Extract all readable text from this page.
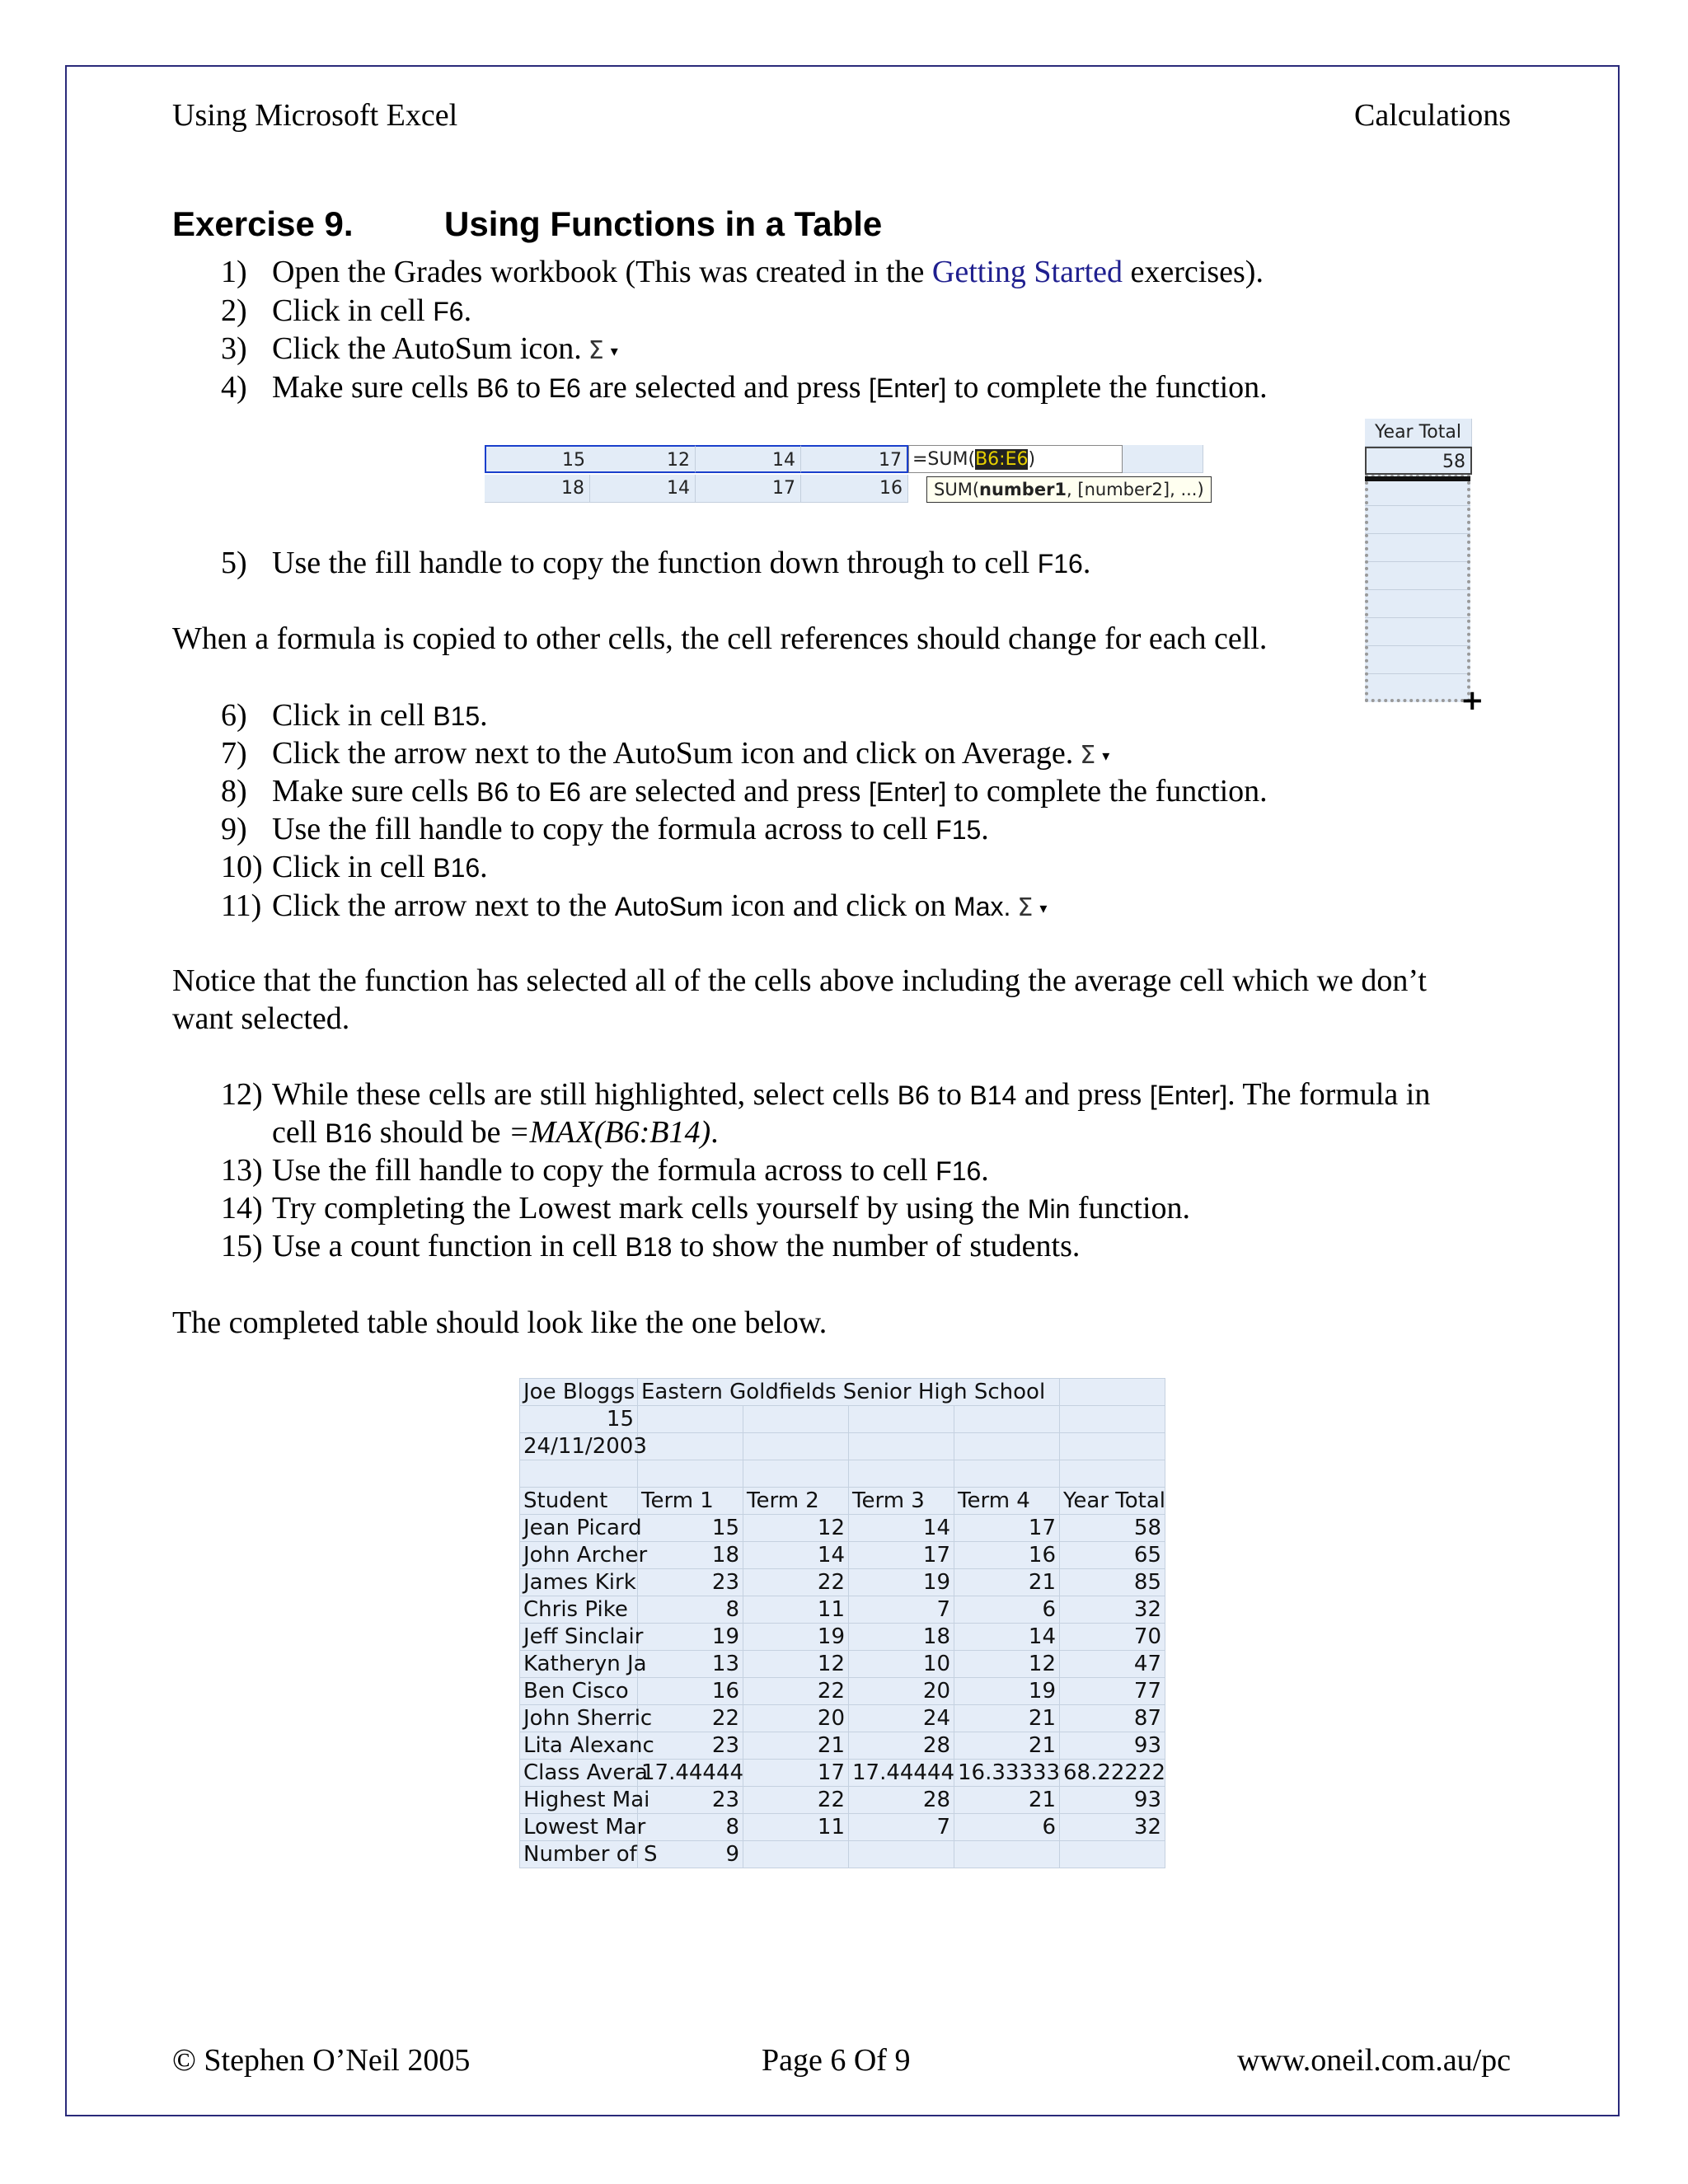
Using Microsoft Excel	Calculations
Exercise 9.	Using Functions in a Table
1) Open the Grades workbook (This was created in the Getting Started exercises).
2) Click in cell F6.
3) Click the AutoSum icon. Σ ▾
4) Make sure cells B6 to E6 are selected and press [Enter] to complete the function.
15	12	14	17 =SUM(B6:E6)
18	14	17	16	SUM(number1, [number2], ...)
Year Total
58
+
5) Use the fill handle to copy the function down through to cell F16.
When a formula is copied to other cells, the cell references should change for each cell.
6) Click in cell B15.
7) Click the arrow next to the AutoSum icon and click on Average. Σ ▾
8) Make sure cells B6 to E6 are selected and press [Enter] to complete the function.
9) Use the fill handle to copy the formula across to cell F15.
10) Click in cell B16.
11) Click the arrow next to the AutoSum icon and click on Max. Σ ▾
Notice that the function has selected all of the cells above including the average cell which we don’t
want selected.
12) While these cells are still highlighted, select cells B6 to B14 and press [Enter]. The formula in
cell B16 should be =MAX(B6:B14).
13) Use the fill handle to copy the formula across to cell F16.
14) Try completing the Lowest mark cells yourself by using the Min function.
15) Use a count function in cell B18 to show the number of students.
The completed table should look like the one below.
Joe Bloggs	Eastern Goldfields Senior High School				
15					
24/11/2003					

Student	Term 1	Term 2	Term 3	Term 4	Year Total
Jean Picard	15	12	14	17	58
John Archer	18	14	17	16	65
James Kirk	23	22	19	21	85
Chris Pike	8	11	7	6	32
Jeff Sinclair	19	19	18	14	70
Katheryn Ja	13	12	10	12	47
Ben Cisco	16	22	20	19	77
John Sherric	22	20	24	21	87
Lita Alexanc	23	21	28	21	93
Class Avera	17.44444	17	17.44444	16.33333	68.22222
Highest Mai	23	22	28	21	93
Lowest Mar	8	11	7	6	32
Number of S	9				
© Stephen O’Neil 2005	Page 6 Of 9	www.oneil.com.au/pc
